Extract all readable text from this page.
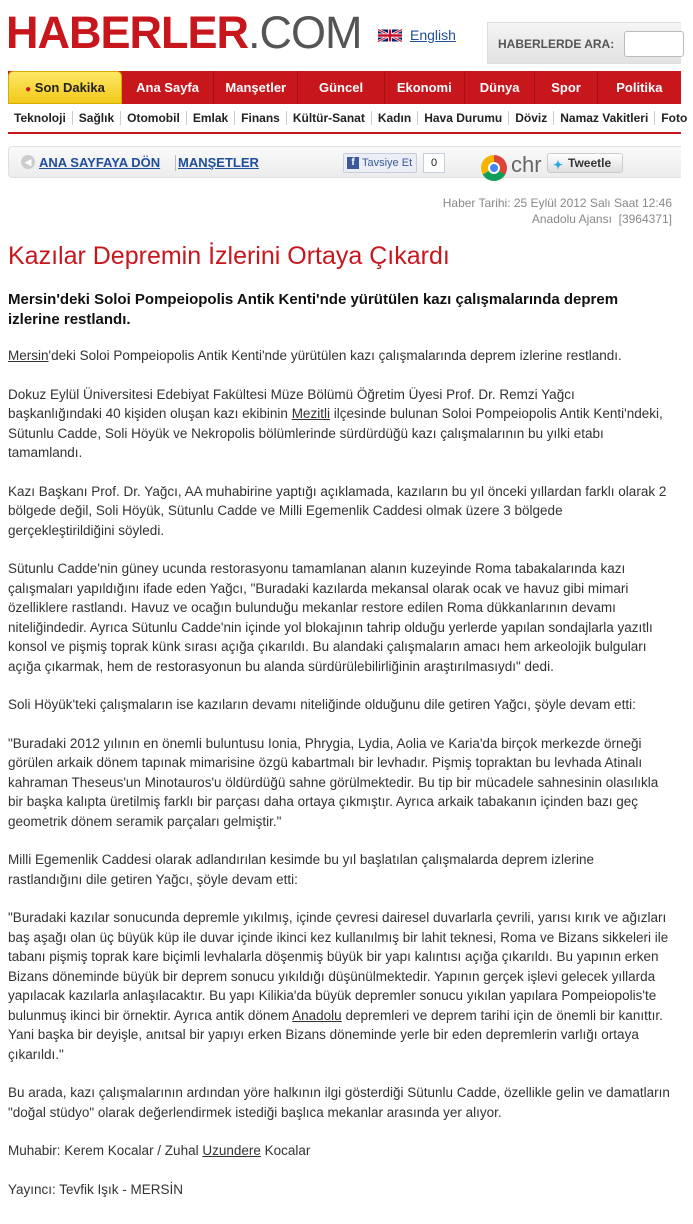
HABERLER.COM	English
HABERLERDE ARA:
● Son Dakika	Ana Sayfa	Manşetler	Güncel	Ekonomi	Dünya	Spor	Politika
Teknoloji	Sağlık	Otomobil	Emlak	Finans	Kültür-Sanat	Kadın	Hava Durumu	Döviz	Namaz Vakitleri	Foto
◀ ANA SAYFAYA DÖN MANŞETLER	f Tavsiye Et	0	chr ✦ Tweetle
Haber Tarihi: 25 Eylül 2012 Salı Saat 12:46
Anadolu Ajansı  [3964371]
Kazılar Depremin İzlerini Ortaya Çıkardı

Mersin'deki Soloi Pompeiopolis Antik Kenti'nde yürütülen kazı çalışmalarında deprem izlerine restlandı.

Mersin'deki Soloi Pompeiopolis Antik Kenti'nde yürütülen kazı çalışmalarında deprem izlerine restlandı.

Dokuz Eylül Üniversitesi Edebiyat Fakültesi Müze Bölümü Öğretim Üyesi Prof. Dr. Remzi Yağcı başkanlığındaki 40 kişiden oluşan kazı ekibinin Mezitli ilçesinde bulunan Soloi Pompeiopolis Antik Kenti'ndeki, Sütunlu Cadde, Soli Höyük ve Nekropolis bölümlerinde sürdürdüğü kazı çalışmalarının bu yılki etabı tamamlandı.

Kazı Başkanı Prof. Dr. Yağcı, AA muhabirine yaptığı açıklamada, kazıların bu yıl önceki yıllardan farklı olarak 2 bölgede değil, Soli Höyük, Sütunlu Cadde ve Milli Egemenlik Caddesi olmak üzere 3 bölgede gerçekleştirildiğini söyledi.

Sütunlu Cadde'nin güney ucunda restorasyonu tamamlanan alanın kuzeyinde Roma tabakalarında kazı çalışmaları yapıldığını ifade eden Yağcı, "Buradaki kazılarda mekansal olarak ocak ve havuz gibi mimari özelliklere rastlandı. Havuz ve ocağın bulunduğu mekanlar restore edilen Roma dükkanlarının devamı niteliğindedir. Ayrıca Sütunlu Cadde'nin içinde yol blokajının tahrip olduğu yerlerde yapılan sondajlarla yazıtlı konsol ve pişmiş toprak künk sırası açığa çıkarıldı. Bu alandaki çalışmaların amacı hem arkeolojik bulguları açığa çıkarmak, hem de restorasyonun bu alanda sürdürülebilirliğinin araştırılmasıydı" dedi.

Soli Höyük'teki çalışmaların ise kazıların devamı niteliğinde olduğunu dile getiren Yağcı, şöyle devam etti:

"Buradaki 2012 yılının en önemli buluntusu Ionia, Phrygia, Lydia, Aolia ve Karia'da birçok merkezde örneği görülen arkaik dönem tapınak mimarisine özgü kabartmalı bir levhadır. Pişmiş topraktan bu levhada Atinalı kahraman Theseus'un Minotauros'u öldürdüğü sahne görülmektedir. Bu tip bir mücadele sahnesinin olasılıkla bir başka kalıpta üretilmiş farklı bir parçası daha ortaya çıkmıştır. Ayrıca arkaik tabakanın içinden bazı geç geometrik dönem seramik parçaları gelmiştir."

Milli Egemenlik Caddesi olarak adlandırılan kesimde bu yıl başlatılan çalışmalarda deprem izlerine rastlandığını dile getiren Yağcı, şöyle devam etti:

"Buradaki kazılar sonucunda depremle yıkılmış, içinde çevresi dairesel duvarlarla çevrili, yarısı kırık ve ağızları baş aşağı olan üç büyük küp ile duvar içinde ikinci kez kullanılmış bir lahit teknesi, Roma ve Bizans sikkeleri ile tabanı pişmiş toprak kare biçimli levhalarla döşenmiş büyük bir yapı kalıntısı açığa çıkarıldı. Bu yapının erken Bizans döneminde büyük bir deprem sonucu yıkıldığı düşünülmektedir. Yapının gerçek işlevi gelecek yıllarda yapılacak kazılarla anlaşılacaktır. Bu yapı Kilikia'da büyük depremler sonucu yıkılan yapılara Pompeiopolis'te bulunmuş ikinci bir örnektir. Ayrıca antik dönem Anadolu depremleri ve deprem tarihi için de önemli bir kanıttır. Yani başka bir deyişle, anıtsal bir yapıyı erken Bizans döneminde yerle bir eden depremlerin varlığı ortaya çıkarıldı."

Bu arada, kazı çalışmalarının ardından yöre halkının ilgi gösterdiği Sütunlu Cadde, özellikle gelin ve damatların "doğal stüdyo" olarak değerlendirmek istediği başlıca mekanlar arasında yer alıyor.

Muhabir: Kerem Kocalar / Zuhal Uzundere Kocalar

Yayıncı: Tevfik Işık - MERSİN
